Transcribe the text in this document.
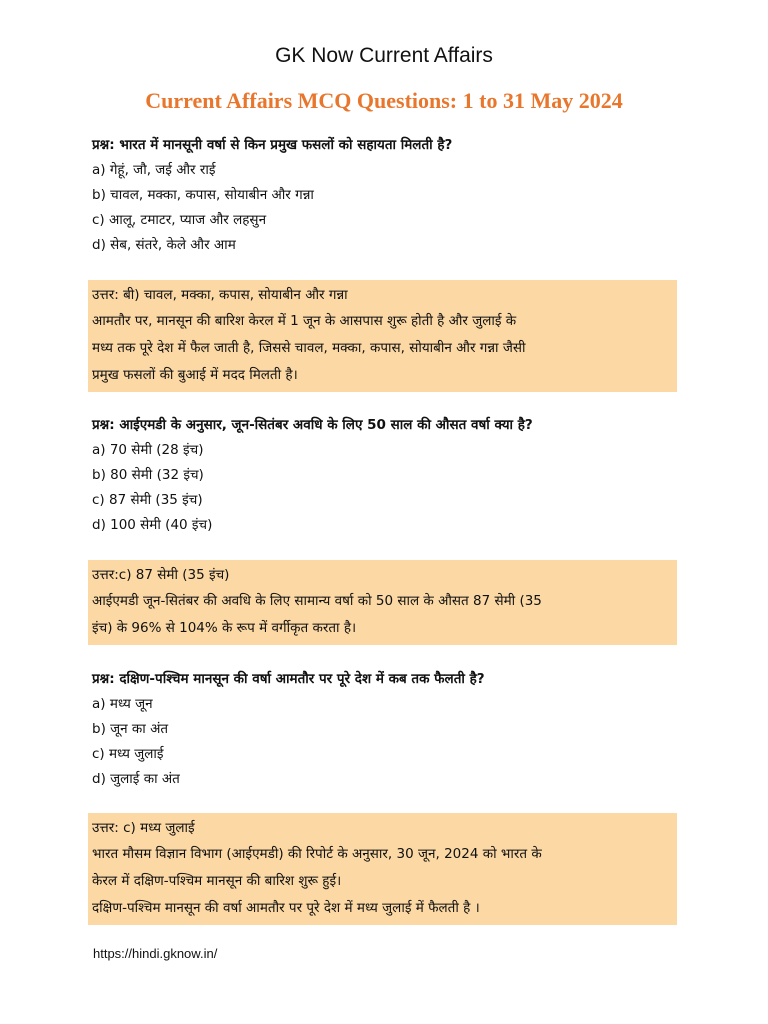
GK Now Current Affairs
Current Affairs MCQ Questions: 1 to 31 May 2024
प्रश्न: भारत में मानसूनी वर्षा से किन प्रमुख फसलों को सहायता मिलती है?
a) गेहूं, जौ, जई और राई
b) चावल, मक्का, कपास, सोयाबीन और गन्ना
c) आलू, टमाटर, प्याज और लहसुन
d) सेब, संतरे, केले और आम
उत्तर: बी) चावल, मक्का, कपास, सोयाबीन और गन्ना
आमतौर पर, मानसून की बारिश केरल में 1 जून के आसपास शुरू होती है और जुलाई के
मध्य तक पूरे देश में फैल जाती है, जिससे चावल, मक्का, कपास, सोयाबीन और गन्ना जैसी
प्रमुख फसलों की बुआई में मदद मिलती है।
प्रश्न: आईएमडी के अनुसार, जून-सितंबर अवधि के लिए 50 साल की औसत वर्षा क्या है?
a) 70 सेमी (28 इंच)
b) 80 सेमी (32 इंच)
c) 87 सेमी (35 इंच)
d) 100 सेमी (40 इंच)
उत्तर:c) 87 सेमी (35 इंच)
आईएमडी जून-सितंबर की अवधि के लिए सामान्य वर्षा को 50 साल के औसत 87 सेमी (35
इंच) के 96% से 104% के रूप में वर्गीकृत करता है।
प्रश्न: दक्षिण-पश्चिम मानसून की वर्षा आमतौर पर पूरे देश में कब तक फैलती है?
a) मध्य जून
b) जून का अंत
c) मध्य जुलाई
d) जुलाई का अंत
उत्तर: c) मध्य जुलाई
भारत मौसम विज्ञान विभाग (आईएमडी) की रिपोर्ट के अनुसार, 30 जून, 2024 को भारत के
केरल में दक्षिण-पश्चिम मानसून की बारिश शुरू हुई।
दक्षिण-पश्चिम मानसून की वर्षा आमतौर पर पूरे देश में मध्य जुलाई में फैलती है ।
https://hindi.gknow.in/
